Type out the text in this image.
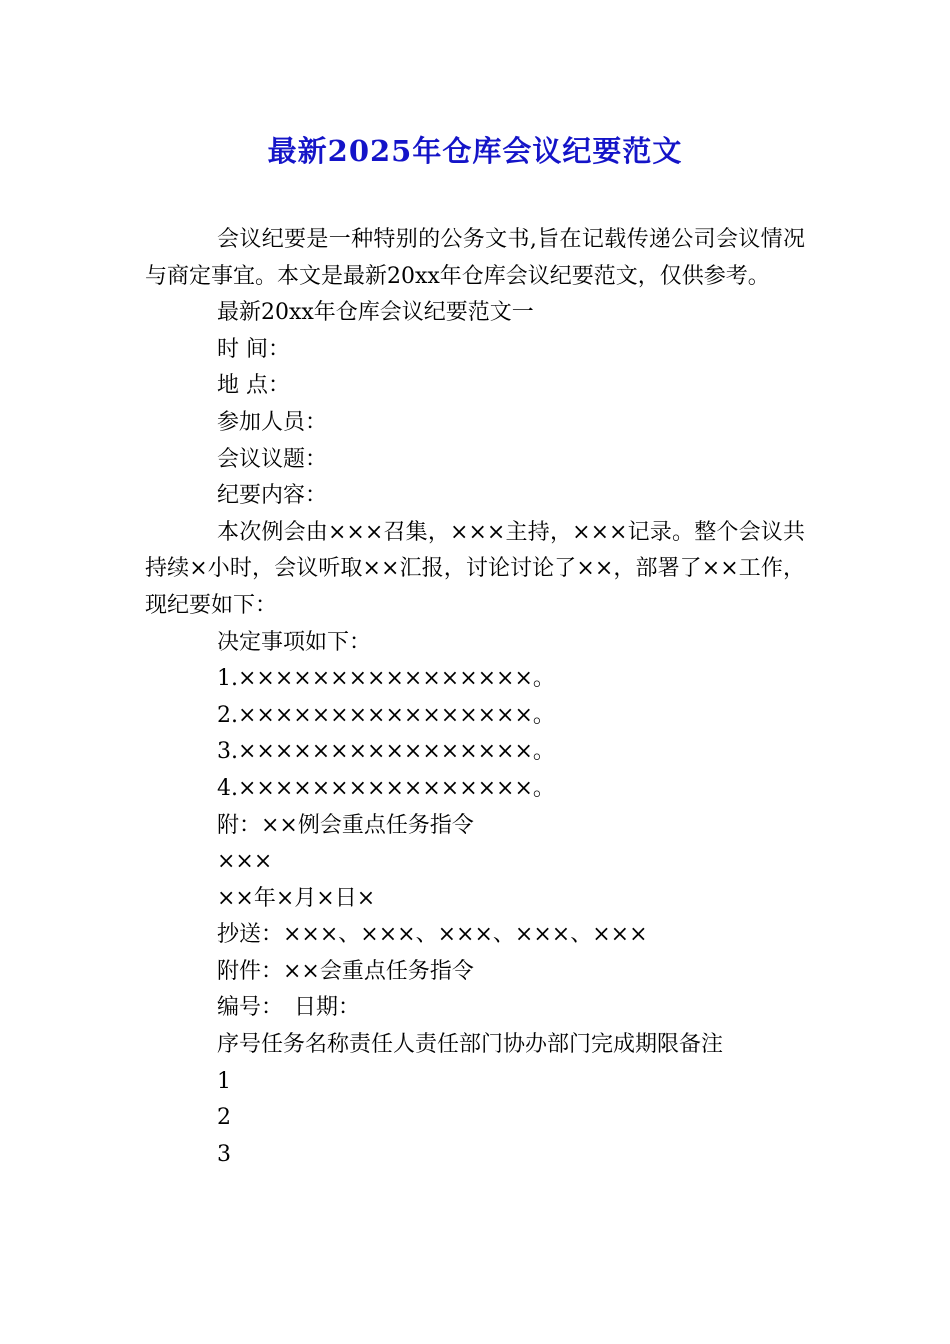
最新2025年仓库会议纪要范文

会议纪要是一种特别的公务文书,旨在记载传递公司会议情况与商定事宜。本文是最新20xx年仓库会议纪要范文，仅供参考。

最新20xx年仓库会议纪要范文一

时 间：

地 点：

参加人员：

会议议题：

纪要内容：

本次例会由×××召集，×××主持，×××记录。整个会议共持续×小时，会议听取××汇报，讨论讨论了××，部署了××工作，现纪要如下：

决定事项如下：

1.××××××××××××××××。

2.××××××××××××××××。

3.××××××××××××××××。

4.××××××××××××××××。

附：××例会重点任务指令

×××

××年×月×日×

抄送：×××、×××、×××、×××、×××

附件：××会重点任务指令

编号：　日期：

序号任务名称责任人责任部门协办部门完成期限备注

1

2

3
